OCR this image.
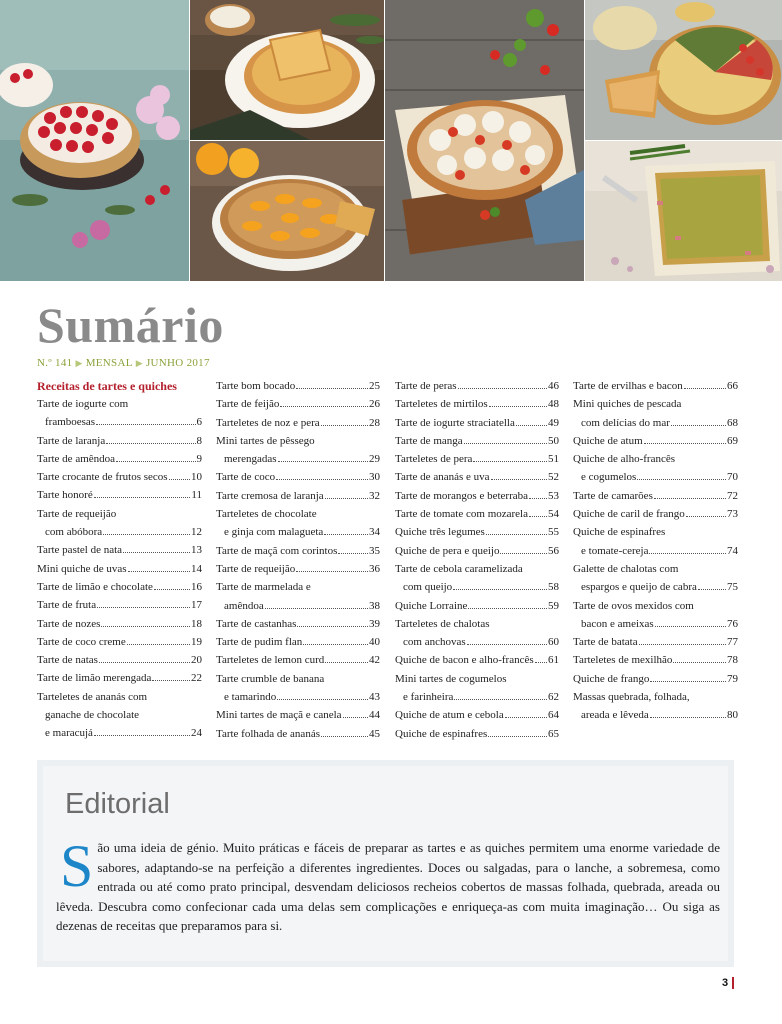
Sumário
N.º 141 ▶ MENSAL ▶ JUNHO 2017
Receitas de tartes e quiches
Tarte de iogurte com
framboesas	6
Tarte de laranja	8
Tarte de amêndoa	9
Tarte crocante de frutos secos 10
Tarte honoré	11
Tarte de requeijão
com abóbora	12
Tarte pastel de nata	13
Mini quiche de uvas	14
Tarte de limão e chocolate	16
Tarte de fruta	17
Tarte de nozes	18
Tarte de coco creme	19
Tarte de natas	20
Tarte de limão merengada	22
Tarteletes de ananás com
ganache de chocolate
e maracujá	24
Tarte bom bocado	25
Tarte de feijão	26
Tarteletes de noz e pera	28
Mini tartes de pêssego
merengadas	29
Tarte de coco	30
Tarte cremosa de laranja	32
Tarteletes de chocolate
e ginja com malagueta	34
Tarte de maçã com corintos	35
Tarte de requeijão	36
Tarte de marmelada e
amêndoa	38
Tarte de castanhas	39
Tarte de pudim flan	40
Tarteletes de lemon curd	42
Tarte crumble de banana
e tamarindo	43
Mini tartes de maçã e canela 44
Tarte folhada de ananás	45
Tarte de peras	46
Tarteletes de mirtilos	48
Tarte de iogurte straciatella	49
Tarte de manga	50
Tarteletes de pera	51
Tarte de ananás e uva	52
Tarte de morangos e beterraba 53
Tarte de tomate com mozarela 54
Quiche três legumes	55
Quiche de pera e queijo	56
Tarte de cebola caramelizada
com queijo	58
Quiche Lorraine	59
Tarteletes de chalotas
com anchovas	60
Quiche de bacon e alho-francês 61
Mini tartes de cogumelos
e farinheira	62
Quiche de atum e cebola	64
Quiche de espinafres	65
Tarte de ervilhas e bacon	66
Mini quiches de pescada
com delícias do mar	68
Quiche de atum	69
Quiche de alho-francês
e cogumelos	70
Tarte de camarões	72
Quiche de caril de frango	73
Quiche de espinafres
e tomate-cereja	74
Galette de chalotas com
espargos e queijo de cabra	75
Tarte de ovos mexidos com
bacon e ameixas	76
Tarte de batata	77
Tarteletes de mexilhão	78
Quiche de frango	79
Massas quebrada, folhada,
areada e lêveda	80
Editorial
São uma ideia de génio. Muito práticas e fáceis de preparar as tartes e as quiches permitem uma enorme variedade de sabores, adaptando-se na perfeição a diferentes ingredientes. Doces ou salgadas, para o lanche, a sobremesa, como entrada ou até como prato principal, desvendam deliciosos recheios cobertos de massas folhada, quebrada, areada ou lêveda. Descubra como confecionar cada uma delas sem complicações e enriqueça-as com muita imaginação… Ou siga as dezenas de receitas que preparamos para si.
3
